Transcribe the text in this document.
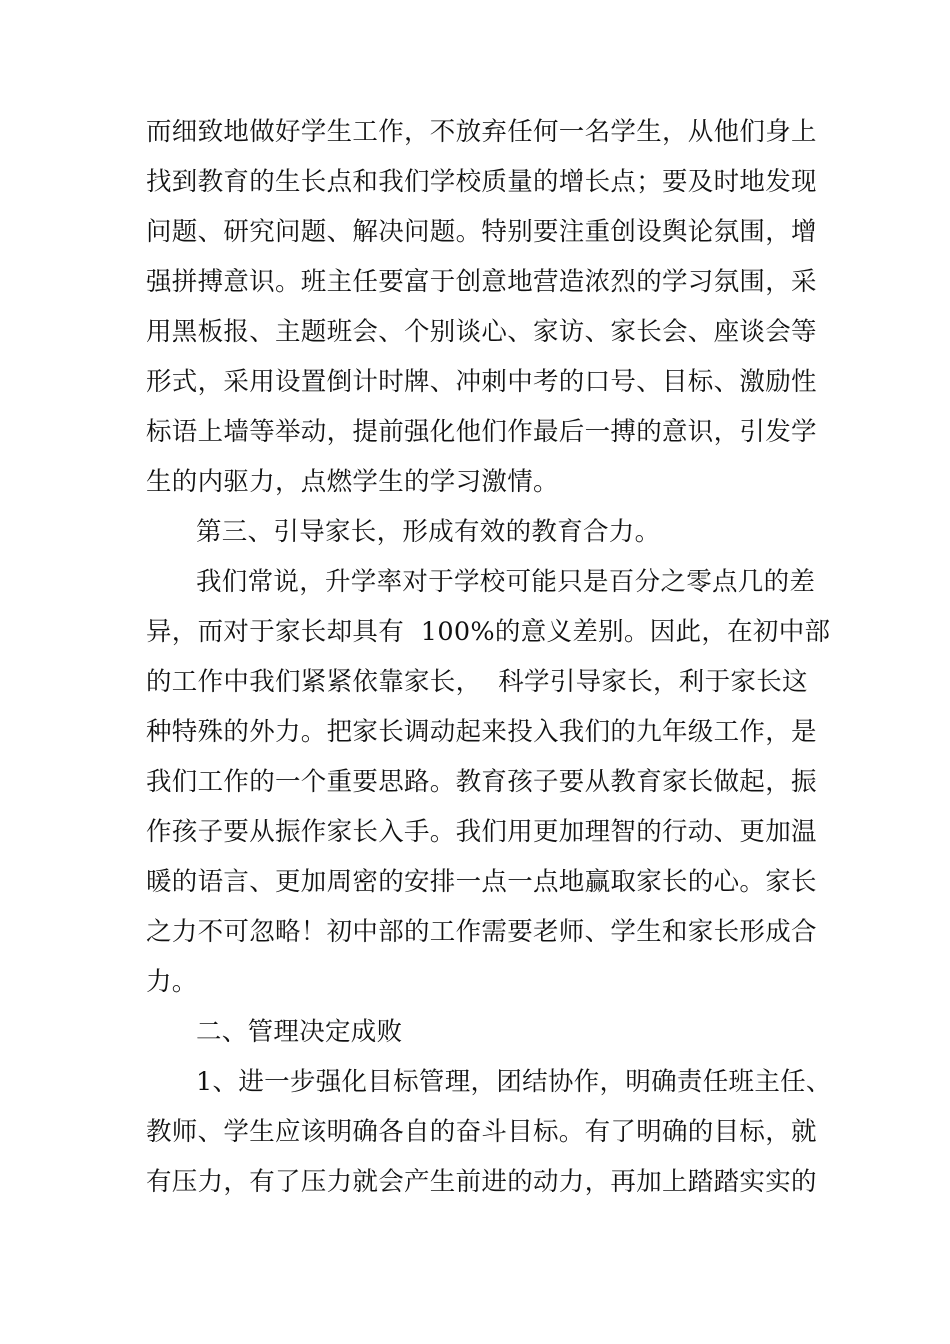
而细致地做好学生工作，不放弃任何一名学生，从他们身上
找到教育的生长点和我们学校质量的增长点；要及时地发现
问题、研究问题、解决问题。特别要注重创设舆论氛围，增
强拼搏意识。班主任要富于创意地营造浓烈的学习氛围，采
用黑板报、主题班会、个别谈心、家访、家长会、座谈会等
形式，采用设置倒计时牌、冲刺中考的口号、目标、激励性
标语上墙等举动，提前强化他们作最后一搏的意识，引发学
生的内驱力，点燃学生的学习激情。
第三、引导家长，形成有效的教育合力。
我们常说，升学率对于学校可能只是百分之零点几的差
异，而对于家长却具有  100%的意义差别。因此，在初中部
的工作中我们紧紧依靠家长，  科学引导家长，利于家长这
种特殊的外力。把家长调动起来投入我们的九年级工作，是
我们工作的一个重要思路。教育孩子要从教育家长做起，振
作孩子要从振作家长入手。我们用更加理智的行动、更加温
暖的语言、更加周密的安排一点一点地赢取家长的心。家长
之力不可忽略！初中部的工作需要老师、学生和家长形成合
力。
二、管理决定成败
1、进一步强化目标管理，团结协作，明确责任班主任、
教师、学生应该明确各自的奋斗目标。有了明确的目标，就
有压力，有了压力就会产生前进的动力，再加上踏踏实实的
